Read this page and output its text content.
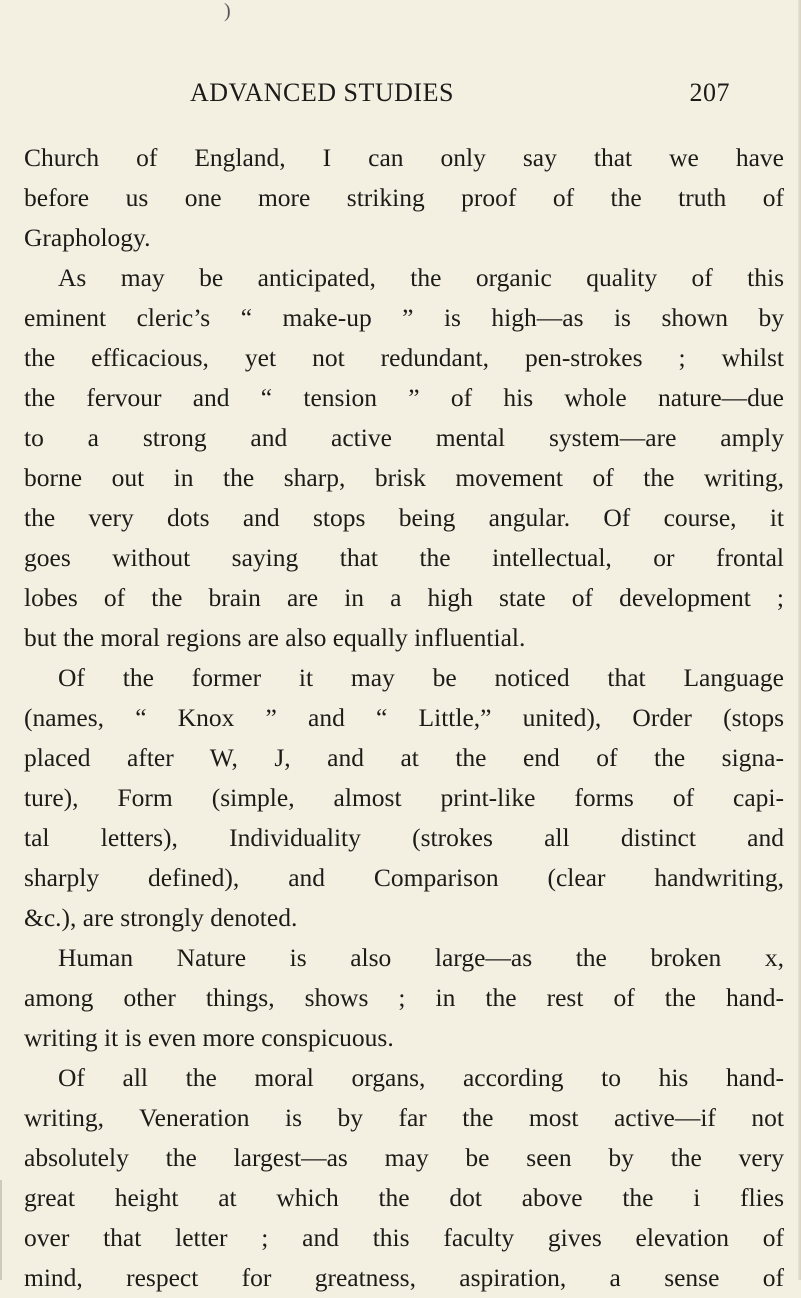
)
ADVANCED STUDIES	207
Church of England, I can only say that we have
before us one more striking proof of the truth of
Graphology.
As may be anticipated, the organic quality of this
eminent cleric’s “ make-up ” is high—as is shown by
the efficacious, yet not redundant, pen-strokes ; whilst
the fervour and “ tension ” of his whole nature—due
to a strong and active mental system—are amply
borne out in the sharp, brisk movement of the writing,
the very dots and stops being angular. Of course, it
goes without saying that the intellectual, or frontal
lobes of the brain are in a high state of development ;
but the moral regions are also equally influential.
Of the former it may be noticed that Language
(names, “ Knox ” and “ Little,” united), Order (stops
placed after W, J, and at the end of the signa-
ture), Form (simple, almost print-like forms of capi-
tal letters), Individuality (strokes all distinct and
sharply defined), and Comparison (clear handwriting,
&c.), are strongly denoted.
Human Nature is also large—as the broken x,
among other things, shows ; in the rest of the hand-
writing it is even more conspicuous.
Of all the moral organs, according to his hand-
writing, Veneration is by far the most active—if not
absolutely the largest—as may be seen by the very
great height at which the dot above the i flies
over that letter ; and this faculty gives elevation of
mind, respect for greatness, aspiration, a sense of
